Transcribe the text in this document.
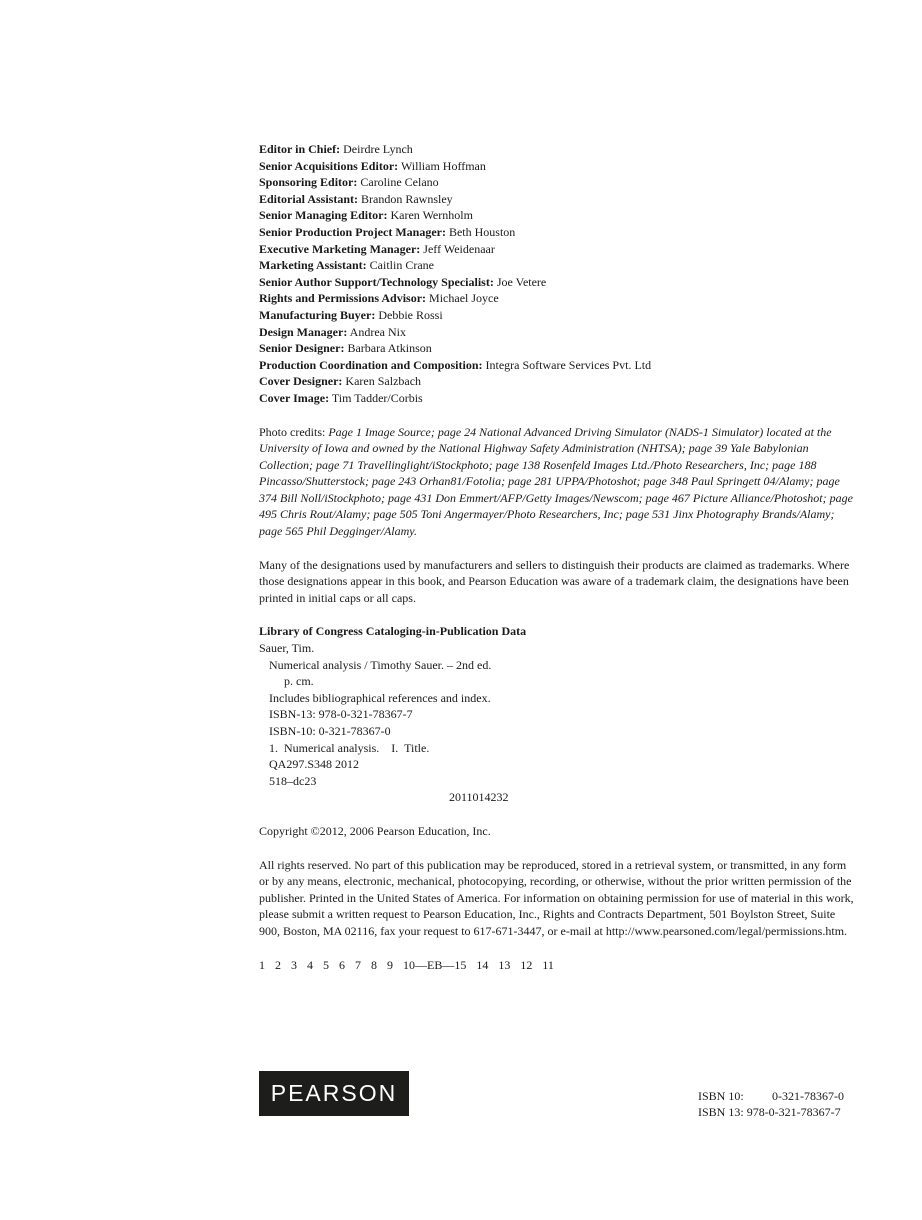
Editor in Chief: Deirdre Lynch
Senior Acquisitions Editor: William Hoffman
Sponsoring Editor: Caroline Celano
Editorial Assistant: Brandon Rawnsley
Senior Managing Editor: Karen Wernholm
Senior Production Project Manager: Beth Houston
Executive Marketing Manager: Jeff Weidenaar
Marketing Assistant: Caitlin Crane
Senior Author Support/Technology Specialist: Joe Vetere
Rights and Permissions Advisor: Michael Joyce
Manufacturing Buyer: Debbie Rossi
Design Manager: Andrea Nix
Senior Designer: Barbara Atkinson
Production Coordination and Composition: Integra Software Services Pvt. Ltd
Cover Designer: Karen Salzbach
Cover Image: Tim Tadder/Corbis

Photo credits: Page 1 Image Source; page 24 National Advanced Driving Simulator (NADS-1 Simulator) located at the University of Iowa and owned by the National Highway Safety Administration (NHTSA); page 39 Yale Babylonian Collection; page 71 Travellinglight/iStockphoto; page 138 Rosenfeld Images Ltd./Photo Researchers, Inc; page 188 Pincasso/Shutterstock; page 243 Orhan81/Fotolia; page 281 UPPA/Photoshot; page 348 Paul Springett 04/Alamy; page 374 Bill Noll/iStockphoto; page 431 Don Emmert/AFP/Getty Images/Newscom; page 467 Picture Alliance/Photoshot; page 495 Chris Rout/Alamy; page 505 Toni Angermayer/Photo Researchers, Inc; page 531 Jinx Photography Brands/Alamy; page 565 Phil Degginger/Alamy.

Many of the designations used by manufacturers and sellers to distinguish their products are claimed as trademarks. Where those designations appear in this book, and Pearson Education was aware of a trademark claim, the designations have been printed in initial caps or all caps.

Library of Congress Cataloging-in-Publication Data
Sauer, Tim.
Numerical analysis / Timothy Sauer. – 2nd ed.
p. cm.
Includes bibliographical references and index.
ISBN-13: 978-0-321-78367-7
ISBN-10: 0-321-78367-0
1.  Numerical analysis.    I.  Title.
QA297.S348 2012
518–dc23
2011014232

Copyright ©2012, 2006 Pearson Education, Inc.

All rights reserved. No part of this publication may be reproduced, stored in a retrieval system, or transmitted, in any form or by any means, electronic, mechanical, photocopying, recording, or otherwise, without the prior written permission of the publisher. Printed in the United States of America. For information on obtaining permission for use of material in this work, please submit a written request to Pearson Education, Inc., Rights and Contracts Department, 501 Boylston Street, Suite 900, Boston, MA 02116, fax your request to 617-671-3447, or e-mail at http://www.pearsoned.com/legal/permissions.htm.

1  2  3  4  5  6  7  8  9  10—EB—15  14  13  12  11

PEARSON	ISBN 10:	0-321-78367-0
ISBN 13:
978-0-321-78367-7
